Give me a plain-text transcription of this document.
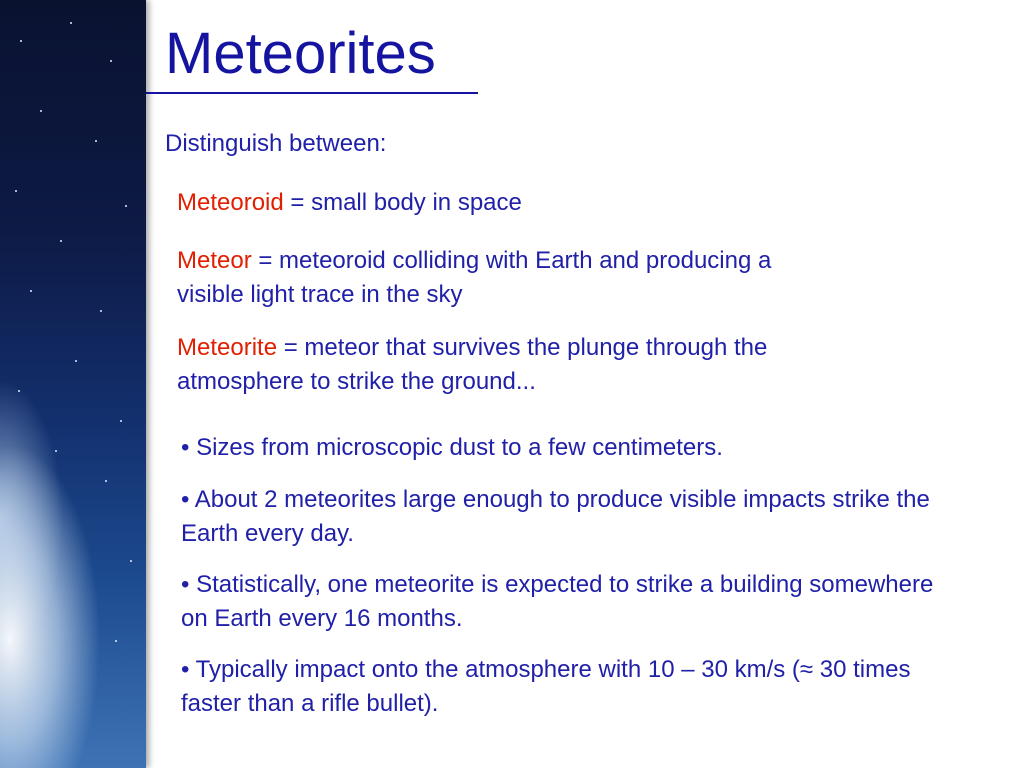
Meteorites

Distinguish between:

Meteoroid = small body in space

Meteor = meteoroid colliding with Earth and producing a visible light trace in the sky

Meteorite = meteor that survives the plunge through the atmosphere to strike the ground...

• Sizes from microscopic dust to a few centimeters.

• About 2 meteorites large enough to produce visible impacts strike the Earth every day.

• Statistically, one meteorite is expected to strike a building somewhere on Earth every 16 months.

• Typically impact onto the atmosphere with 10 – 30 km/s (≈ 30 times faster than a rifle bullet).
